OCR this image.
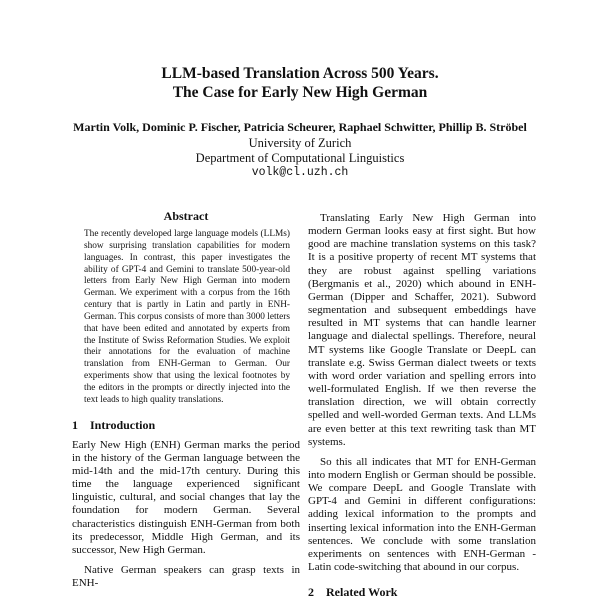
LLM-based Translation Across 500 Years.
The Case for Early New High German
Martin Volk, Dominic P. Fischer, Patricia Scheurer, Raphael Schwitter, Phillip B. Ströbel
University of Zurich
Department of Computational Linguistics
volk@cl.uzh.ch
Abstract

The recently developed large language models (LLMs) show surprising translation capabilities for modern languages. In contrast, this paper investigates the ability of GPT-4 and Gemini to translate 500-year-old letters from Early New High German into modern German. We experiment with a corpus from the 16th century that is partly in Latin and partly in ENH-German. This corpus consists of more than 3000 letters that have been edited and annotated by experts from the Institute of Swiss Reformation Studies. We exploit their annotations for the evaluation of machine translation from ENH-German to German. Our experiments show that using the lexical footnotes by the editors in the prompts or directly injected into the text leads to high quality translations.

1 Introduction

Early New High (ENH) German marks the period in the history of the German language between the mid-14th and the mid-17th century. During this time the language experienced significant linguistic, cultural, and social changes that lay the foundation for modern German. Several characteristics distinguish ENH-German from both its predecessor, Middle High German, and its successor, New High German.

Native German speakers can grasp texts in ENH-

Translating Early New High German into modern German looks easy at first sight. But how good are machine translation systems on this task? It is a positive property of recent MT systems that they are robust against spelling variations (Bergmanis et al., 2020) which abound in ENH-German (Dipper and Schaffer, 2021). Subword segmentation and subsequent embeddings have resulted in MT systems that can handle learner language and dialectal spellings. Therefore, neural MT systems like Google Translate or DeepL can translate e.g. Swiss German dialect tweets or texts with word order variation and spelling errors into well-formulated English. If we then reverse the translation direction, we will obtain correctly spelled and well-worded German texts. And LLMs are even better at this text rewriting task than MT systems.

So this all indicates that MT for ENH-German into modern English or German should be possible. We compare DeepL and Google Translate with GPT-4 and Gemini in different configurations: adding lexical information to the prompts and inserting lexical information into the ENH-German sentences. We conclude with some translation experiments on sentences with ENH-German - Latin code-switching that abound in our corpus.

2 Related Work
